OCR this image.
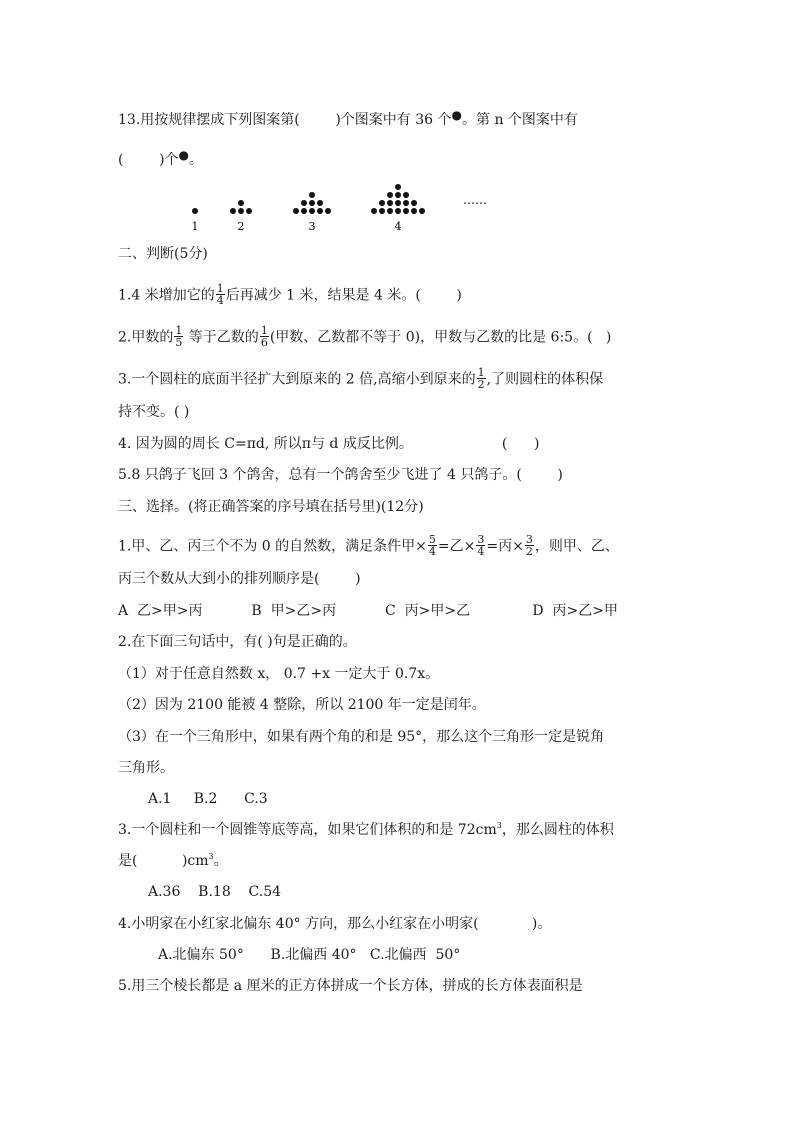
13.用按规律摆成下列图案第(	)个图案中有 36 个●。第 n 个图案中有
(	)个●。
1	2	3	4
……
二、判断(5分)
1.4 米增加它的 $\frac{1}{4}$ 后再减少 1 米，结果是 4 米。(        )
2.甲数的 $\frac{1}{5}$ 等于乙数的 $\frac{1}{6}$ (甲数、乙数都不等于 0)，甲数与乙数的比是 6:5。(   )
3.一个圆柱的底面半径扩大到原来的 2 倍,高缩小到原来的 $\frac{1}{2}$ ,了则圆柱的体积保
持不变。( )
4. 因为圆的周长 C=πd, 所以π与 d 成反比例。                    (      )
5.8 只鸽子飞回 3 个鸽舍，总有一个鸽舍至少飞进了 4 只鸽子。(        )
三、选择。(将正确答案的序号填在括号里)(12分)
1.甲、乙、丙三个不为 0 的自然数，满足条件甲× $\frac{5}{4}$ =乙× $\frac{3}{4}$ =丙× $\frac{3}{2}$ ，则甲、乙、
丙三个数从大到小的排列顺序是(        )
A  乙>甲>丙           B  甲>乙>丙           C  丙>甲>乙              D  丙>乙>甲
2.在下面三句话中，有( )句是正确的。
（1）对于任意自然数 x， 0.7 +x 一定大于 0.7x。
（2）因为 2100 能被 4 整除，所以 2100 年一定是闰年。
（3）在一个三角形中，如果有两个角的和是 95°，那么这个三角形一定是锐角
三角形。
A.1     B.2      C.3
3.一个圆柱和一个圆锥等底等高，如果它们体积的和是 $72cm^3$，那么圆柱的体积
是(          )$cm^3$。
A.36    B.18    C.54
4.小明家在小红家北偏东 40° 方向，那么小红家在小明家(            )。
A.北偏东 50°      B.北偏西 40°   C.北偏西  50°
5.用三个棱长都是 a 厘米的正方体拼成一个长方体，拼成的长方体表面积是
